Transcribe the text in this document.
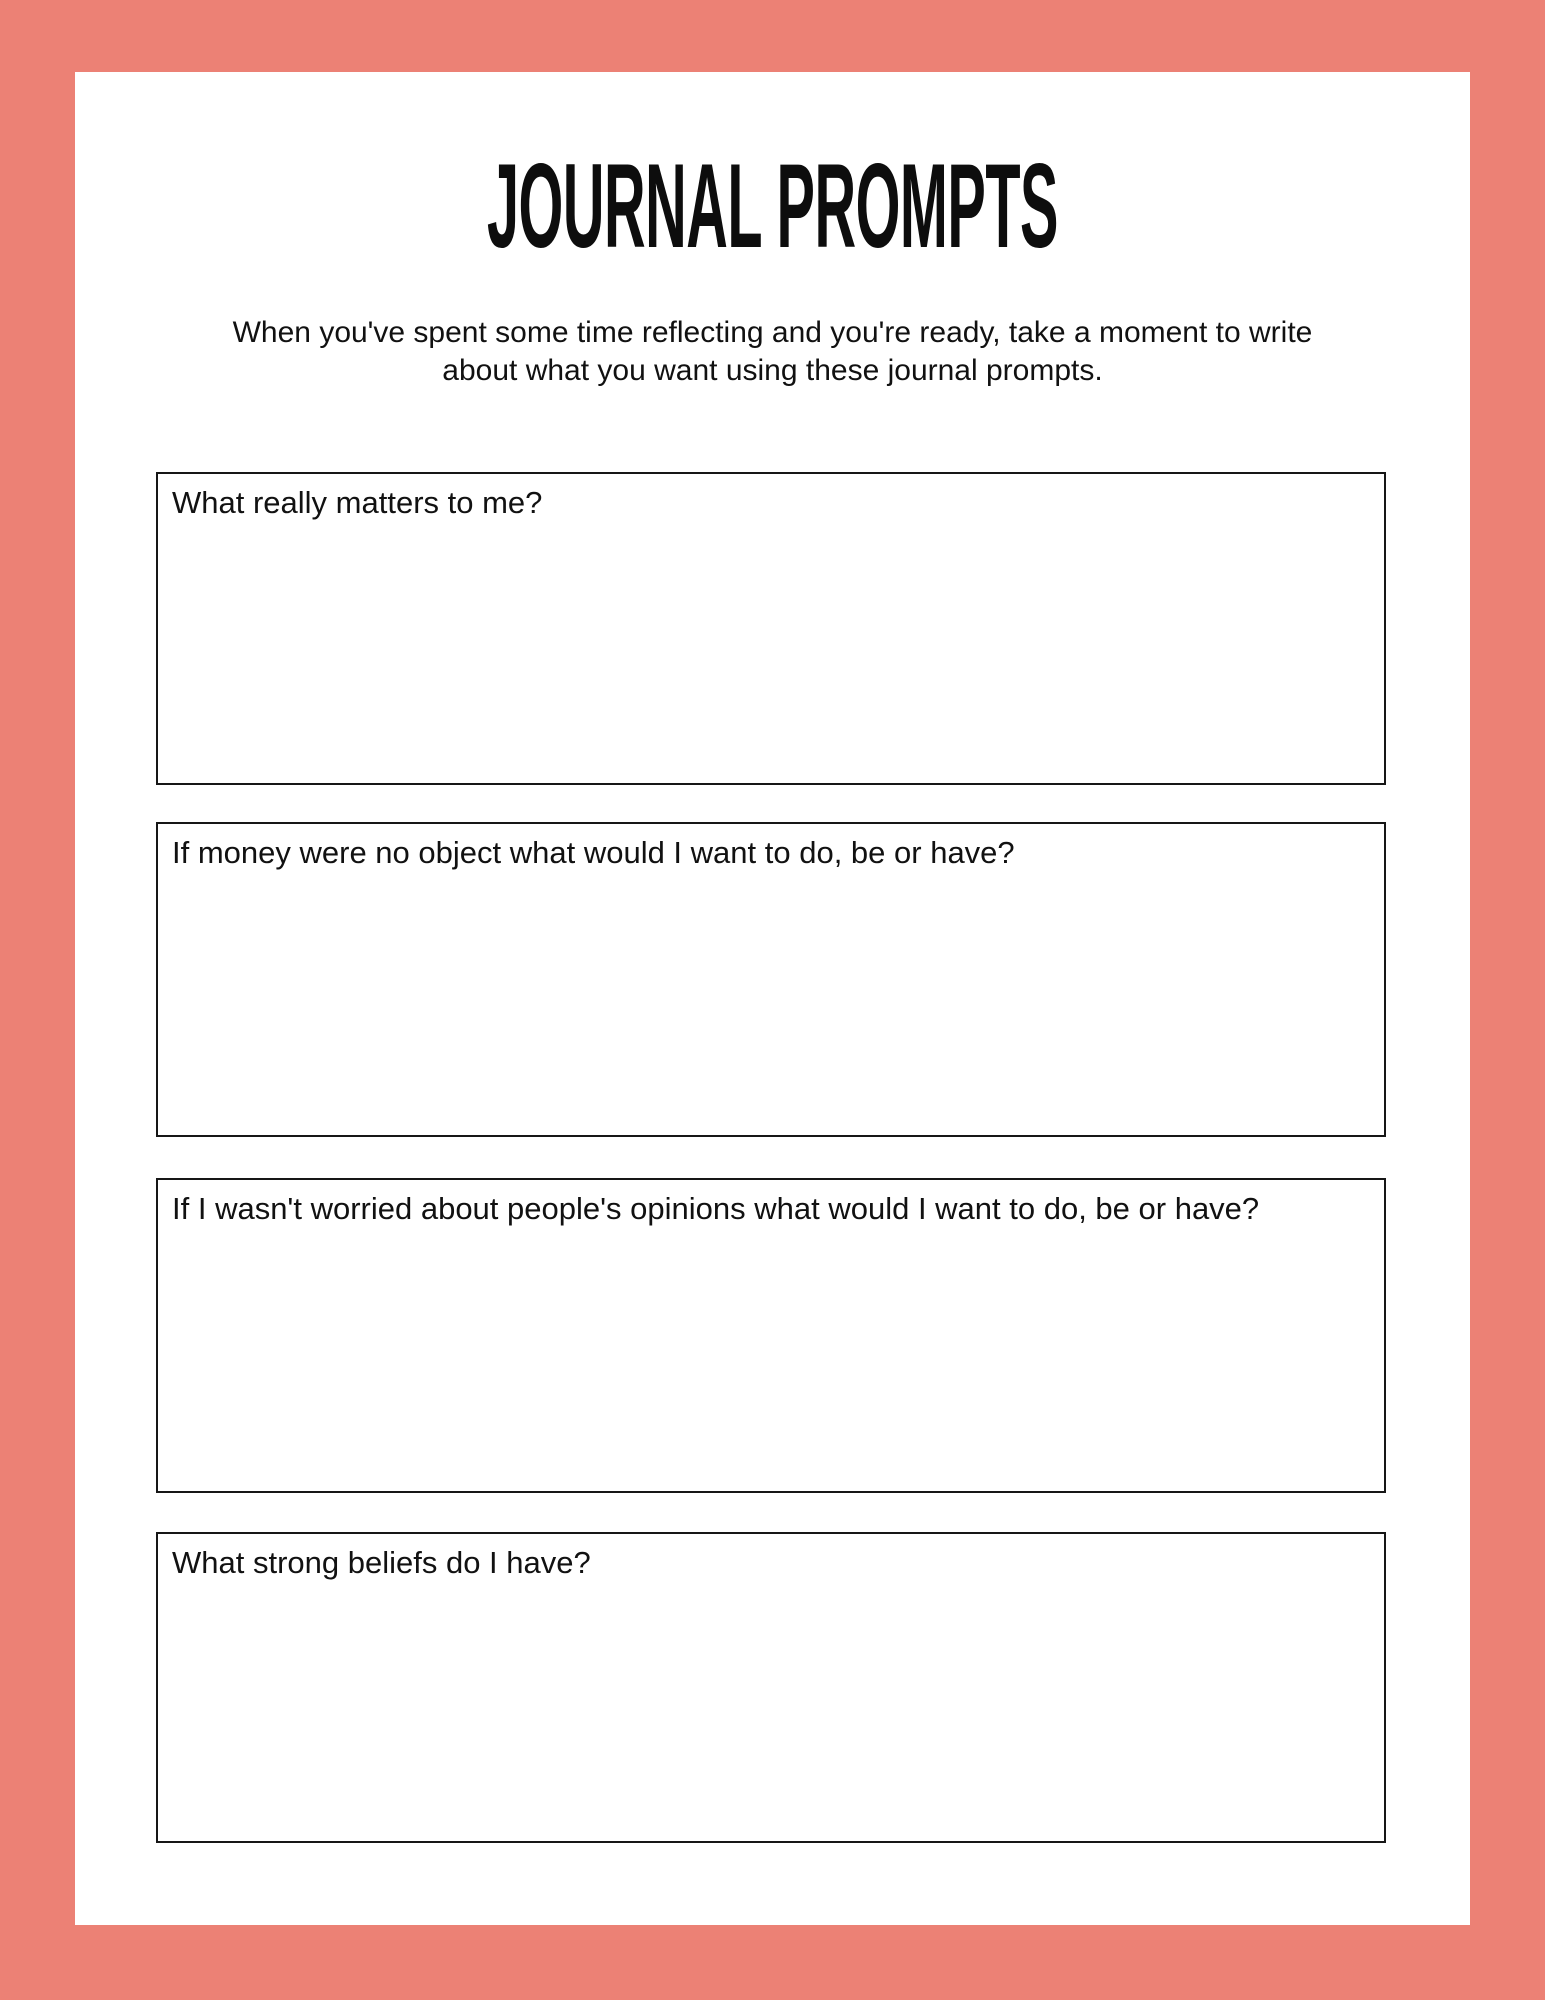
JOURNAL PROMPTS
When you've spent some time reflecting and you're ready, take a moment to write
about what you want using these journal prompts.
What really matters to me?
If money were no object what would I want to do, be or have?
If I wasn't worried about people's opinions what would I want to do, be or have?
What strong beliefs do I have?
